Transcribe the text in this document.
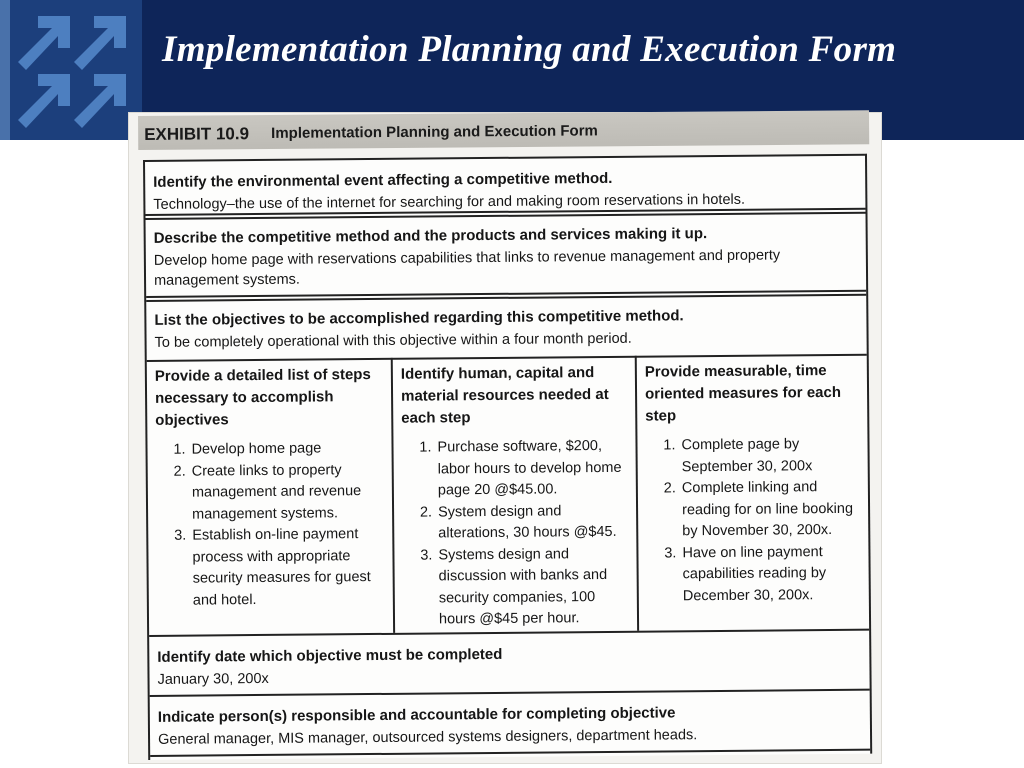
Implementation Planning and Execution Form
EXHIBIT 10.9 Implementation Planning and Execution Form

Identify the environmental event affecting a competitive method.

Technology–the use of the internet for searching for and making room reservations in hotels.

Describe the competitive method and the products and services making it up.

Develop home page with reservations capabilities that links to revenue management and property management systems.

List the objectives to be accomplished regarding this competitive method.

To be completely operational with this objective within a four month period.

Provide a detailed list of steps necessary to accomplish objectives

1. Develop home page
2. Create links to property management and revenue management systems.
3. Establish on-line payment process with appropriate security measures for guest and hotel.

Identify human, capital and material resources needed at each step

1. Purchase software, $200, labor hours to develop home page 20 @$45.00.
2. System design and alterations, 30 hours @$45.
3. Systems design and discussion with banks and security companies, 100 hours @$45 per hour.

Provide measurable, time oriented measures for each step

1. Complete page by September 30, 200x
2. Complete linking and reading for on line booking by November 30, 200x.
3. Have on line payment capabilities reading by December 30, 200x.

Identify date which objective must be completed

January 30, 200x

Indicate person(s) responsible and accountable for completing objective

General manager, MIS manager, outsourced systems designers, department heads.
